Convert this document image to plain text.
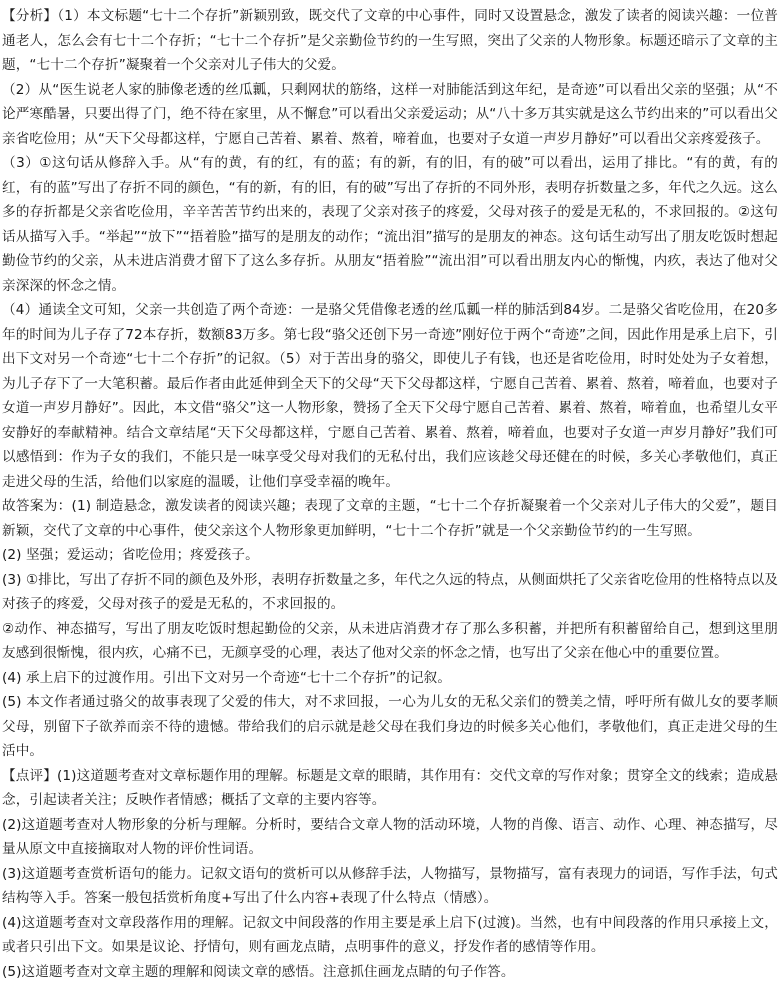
【分析】（1）本文标题“七十二个存折”新颖别致，既交代了文章的中心事件，同时又设置悬念，激发了读者的阅读兴趣：一位普通老人，怎么会有七十二个存折；“七十二个存折”是父亲勤俭节约的一生写照，突出了父亲的人物形象。标题还暗示了文章的主题，“七十二个存折”凝聚着一个父亲对儿子伟大的父爱。

（2）从“医生说老人家的肺像老透的丝瓜瓤，只剩网状的筋络，这样一对肺能活到这年纪，是奇迹”可以看出父亲的坚强；从“不论严寒酷暑，只要出得了门，绝不待在家里，从不懈怠”可以看出父亲爱运动；从“八十多万其实就是这么节约出来的”可以看出父亲省吃俭用；从“天下父母都这样，宁愿自己苦着、累着、熬着，啼着血，也要对子女道一声岁月静好”可以看出父亲疼爱孩子。

（3）①这句话从修辞入手。从“有的黄，有的红，有的蓝；有的新，有的旧，有的破”可以看出，运用了排比。“有的黄，有的红，有的蓝”写出了存折不同的颜色，“有的新，有的旧，有的破”写出了存折的不同外形，表明存折数量之多，年代之久远。这么多的存折都是父亲省吃俭用，辛辛苦苦节约出来的，表现了父亲对孩子的疼爱，父母对孩子的爱是无私的，不求回报的。②这句话从描写入手。“举起”“放下”“捂着脸”描写的是朋友的动作；“流出泪”描写的是朋友的神态。这句话生动写出了朋友吃饭时想起勤俭节约的父亲，从未进店消费才留下了这么多存折。从朋友“捂着脸”“流出泪”可以看出朋友内心的惭愧，内疚，表达了他对父亲深深的怀念之情。

（4）通读全文可知，父亲一共创造了两个奇迹：一是骆父凭借像老透的丝瓜瓤一样的肺活到84岁。二是骆父省吃俭用，在20多年的时间为儿子存了72本存折，数额83万多。第七段“骆父还创下另一奇迹”刚好位于两个“奇迹”之间，因此作用是承上启下，引出下文对另一个奇迹“七十二个存折”的记叙。（5）对于苦出身的骆父，即使儿子有钱，也还是省吃俭用，时时处处为子女着想，为儿子存下了一大笔积蓄。最后作者由此延伸到全天下的父母“天下父母都这样，宁愿自己苦着、累着、熬着，啼着血，也要对子女道一声岁月静好”。因此，本文借“骆父”这一人物形象，赞扬了全天下父母宁愿自己苦着、累着、熬着，啼着血，也希望儿女平安静好的奉献精神。结合文章结尾“天下父母都这样，宁愿自己苦着、累着、熬着，啼着血，也要对子女道一声岁月静好”我们可以感悟到：作为子女的我们，不能只是一味享受父母对我们的无私付出，我们应该趁父母还健在的时候，多关心孝敬他们，真正走进父母的生活，给他们以家庭的温暖，让他们享受幸福的晚年。

故答案为：(1) 制造悬念，激发读者的阅读兴趣；表现了文章的主题，“七十二个存折凝聚着一个父亲对儿子伟大的父爱”，题目新颖，交代了文章的中心事件，使父亲这个人物形象更加鲜明，“七十二个存折”就是一个父亲勤俭节约的一生写照。

(2) 坚强；爱运动；省吃俭用；疼爱孩子。

(3) ①排比，写出了存折不同的颜色及外形，表明存折数量之多，年代之久远的特点，从侧面烘托了父亲省吃俭用的性格特点以及对孩子的疼爱，父母对孩子的爱是无私的，不求回报的。

②动作、神态描写，写出了朋友吃饭时想起勤俭的父亲，从未进店消费才存了那么多积蓄，并把所有积蓄留给自己，想到这里朋友感到很惭愧，很内疚，心痛不已，无颜享受的心理，表达了他对父亲的怀念之情，也写出了父亲在他心中的重要位置。

(4) 承上启下的过渡作用。引出下文对另一个奇迹“七十二个存折”的记叙。

(5) 本文作者通过骆父的故事表现了父爱的伟大，对不求回报，一心为儿女的无私父亲们的赞美之情，呼吁所有做儿女的要孝顺父母，别留下子欲养而亲不待的遗憾。带给我们的启示就是趁父母在我们身边的时候多关心他们，孝敬他们，真正走进父母的生活中。

【点评】(1)这道题考查对文章标题作用的理解。标题是文章的眼睛，其作用有：交代文章的写作对象；贯穿全文的线索；造成悬念，引起读者关注；反映作者情感；概括了文章的主要内容等。

(2)这道题考查对人物形象的分析与理解。分析时，要结合文章人物的活动环境，人物的肖像、语言、动作、心理、神态描写，尽量从原文中直接摘取对人物的评价性词语。

(3)这道题考查赏析语句的能力。记叙文语句的赏析可以从修辞手法，人物描写，景物描写，富有表现力的词语，写作手法，句式结构等入手。答案一般包括赏析角度+写出了什么内容+表现了什么特点（情感）。

(4)这道题考查对文章段落作用的理解。记叙文中间段落的作用主要是承上启下(过渡)。当然，也有中间段落的作用只承接上文，或者只引出下文。如果是议论、抒情句，则有画龙点睛，点明事件的意义，抒发作者的感情等作用。

(5)这道题考查对文章主题的理解和阅读文章的感悟。注意抓住画龙点睛的句子作答。
